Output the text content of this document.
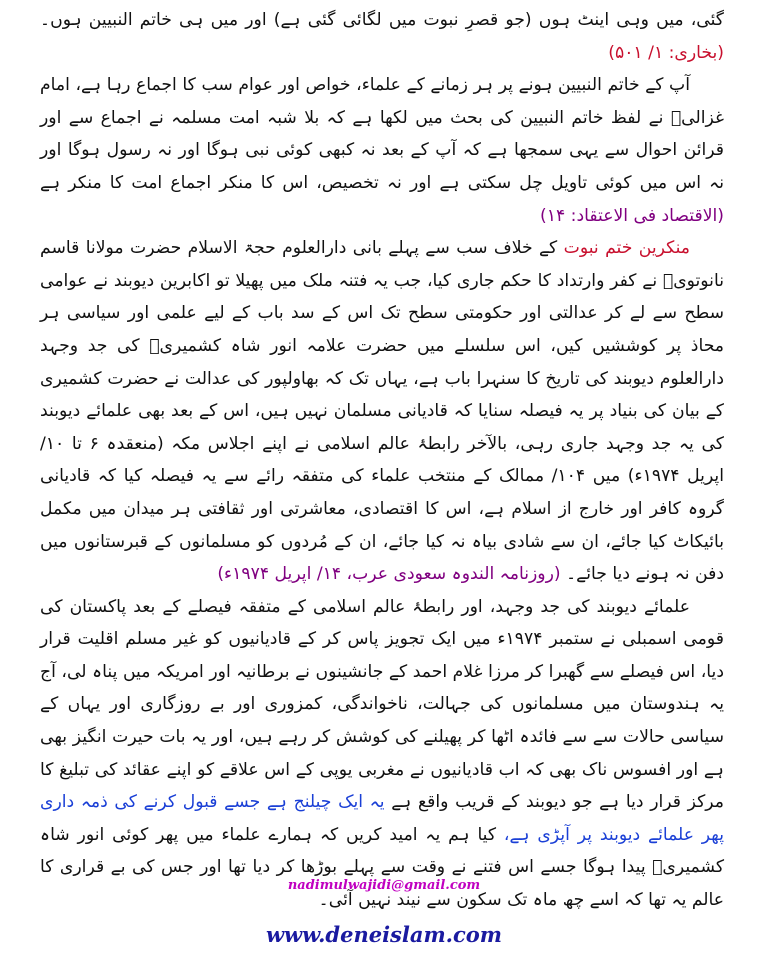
گئی، میں وہی اینٹ ہوں (جو قصرِ نبوت میں لگائی گئی ہے) اور میں ہی خاتم النبیین ہوں۔ (بخاری: ۱/ ۵۰۱)

آپ کے خاتم النبیین ہونے پر ہر زمانے کے علماء، خواص اور عوام سب کا اجماع رہا ہے، امام غزالیؒ نے لفظ خاتم النبیین کی بحث میں لکھا ہے کہ بلا شبہ امت مسلمہ نے اجماع سے اور قرائن احوال سے یہی سمجھا ہے کہ آپ کے بعد نہ کبھی کوئی نبی ہوگا اور نہ رسول ہوگا اور نہ اس میں کوئی تاویل چل سکتی ہے اور نہ تخصیص، اس کا منکر اجماع امت کا منکر ہے (الاقتصاد فی الاعتقاد: ۱۴)

منکرین ختم نبوت کے خلاف سب سے پہلے بانی دارالعلوم حجۃ الاسلام حضرت مولانا قاسم نانوتویؒ نے کفر وارتداد کا حکم جاری کیا، جب یہ فتنہ ملک میں پھیلا تو اکابرین دیوبند نے عوامی سطح سے لے کر عدالتی اور حکومتی سطح تک اس کے سد باب کے لیے علمی اور سیاسی ہر محاذ پر کوششیں کیں، اس سلسلے میں حضرت علامہ انور شاہ کشمیریؒ کی جد وجہد دارالعلوم دیوبند کی تاریخ کا سنہرا باب ہے، یہاں تک کہ بھاولپور کی عدالت نے حضرت کشمیری کے بیان کی بنیاد پر یہ فیصلہ سنایا کہ قادیانی مسلمان نہیں ہیں، اس کے بعد بھی علمائے دیوبند کی یہ جد وجہد جاری رہی، بالآخر رابطۂ عالم اسلامی نے اپنے اجلاس مکہ (منعقدہ ۶ تا ۱۰/ اپریل ۱۹۷۴ء) میں ۱۰۴/ ممالک کے منتخب علماء کی متفقہ رائے سے یہ فیصلہ کیا کہ قادیانی گروہ کافر اور خارج از اسلام ہے، اس کا اقتصادی، معاشرتی اور ثقافتی ہر میدان میں مکمل بائیکاٹ کیا جائے، ان سے شادی بیاہ نہ کیا جائے، ان کے مُردوں کو مسلمانوں کے قبرستانوں میں دفن نہ ہونے دیا جائے۔ (روزنامہ الندوہ سعودی عرب، ۱۴/ اپریل ۱۹۷۴ء)

علمائے دیوبند کی جد وجہد، اور رابطۂ عالم اسلامی کے متفقہ فیصلے کے بعد پاکستان کی قومی اسمبلی نے ستمبر ۱۹۷۴ء میں ایک تجویز پاس کر کے قادیانیوں کو غیر مسلم اقلیت قرار دیا، اس فیصلے سے گھبرا کر مرزا غلام احمد کے جانشینوں نے برطانیہ اور امریکہ میں پناہ لی، آج یہ ہندوستان میں مسلمانوں کی جہالت، ناخواندگی، کمزوری اور بے روزگاری اور یہاں کے سیاسی حالات سے سے فائدہ اٹھا کر پھیلنے کی کوشش کر رہے ہیں، اور یہ بات حیرت انگیز بھی ہے اور افسوس ناک بھی کہ اب قادیانیوں نے مغربی یوپی کے اس علاقے کو اپنے عقائد کی تبلیغ کا مرکز قرار دیا ہے جو دیوبند کے قریب واقع ہے یہ ایک چیلنج ہے جسے قبول کرنے کی ذمہ داری پھر علمائے دیوبند پر آپڑی ہے، کیا ہم یہ امید کریں کہ ہمارے علماء میں پھر کوئی انور شاہ کشمیریؒ پیدا ہوگا جسے اس فتنے نے وقت سے پہلے بوڑھا کر دیا تھا اور جس کی بے قراری کا عالم یہ تھا کہ اسے چھ ماہ تک سکون سے نیند نہیں آئی۔

nadimulwajidi@gmail.com
www.deneislam.com
